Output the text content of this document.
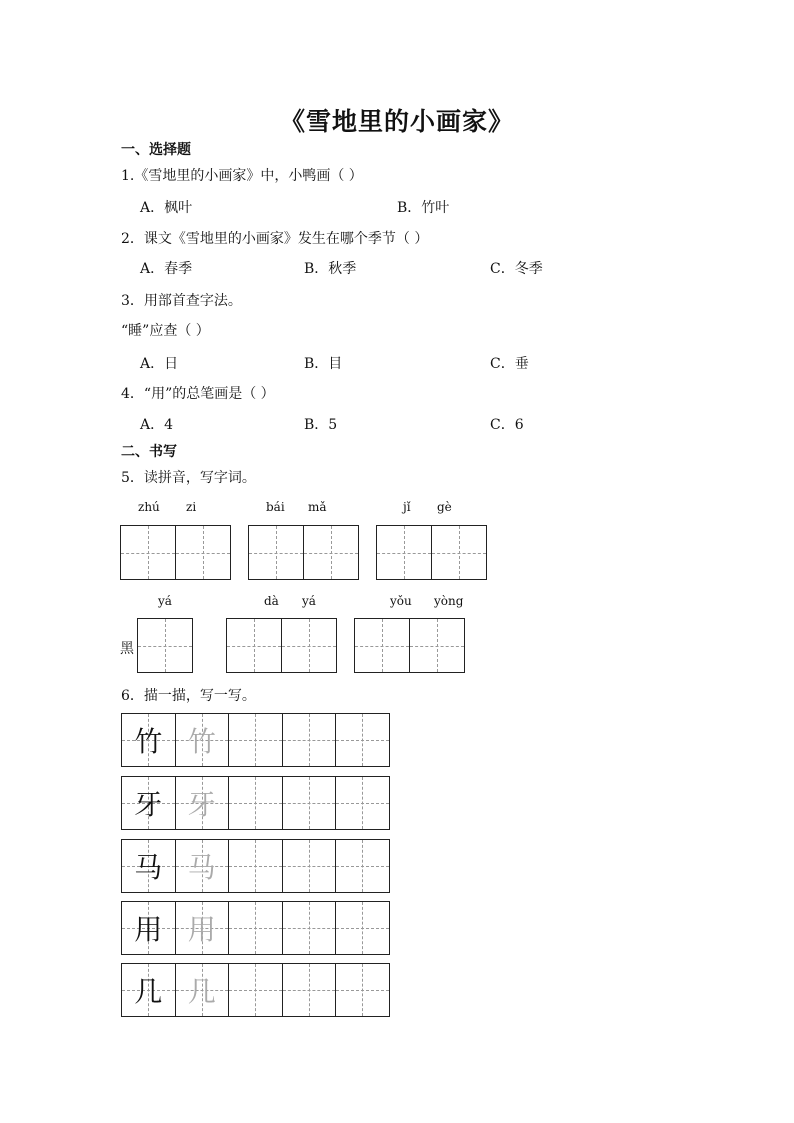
《雪地里的小画家》
一、选择题
1.《雪地里的小画家》中，小鸭画（ ）
A．枫叶	B．竹叶
2．课文《雪地里的小画家》发生在哪个季节（ ）
A．春季	B．秋季	C．冬季
3．用部首查字法。
“睡”应查（ ）
A．日	B．目	C．垂
4．“用”的总笔画是（ ）
A．4	B．5	C．6
二、书写
5．读拼音，写字词。
zhú zi	bái mǎ	jǐ gè
yá	dà yá	yǒu yòng
黑
6．描一描，写一写。
竹 竹
牙 牙
马 马
用 用
几 几
